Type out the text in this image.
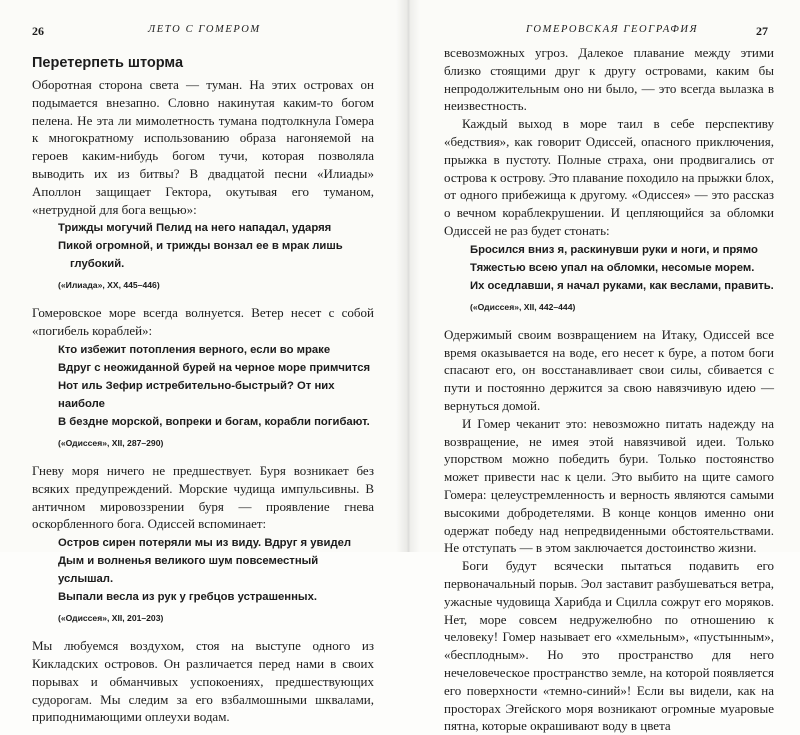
26	ЛЕТО С ГОМЕРОМ
Перетерпеть шторма

Оборотная сторона света — туман. На этих островах он подымается внезапно. Словно накинутая каким-то богом пелена. Не эта ли мимолетность тумана подтолкнула Гомера к многократному использованию образа нагоняемой на героев каким-нибудь богом тучи, которая позволяла выводить их из битвы? В двадцатой песни «Илиады» Аполлон защищает Гектора, окутывая его туманом, «нетрудной для бога вещью»:

Трижды могучий Пелид на него нападал, ударяя
Пикой огромной, и трижды вонзал ее в мрак лишь
глубокий.
(«Илиада», XX, 445–446)

Гомеровское море всегда волнуется. Ветер несет с собой «погибель кораблей»:

Кто избежит потопления верного, если во мраке
Вдруг с неожиданной бурей на черное море примчится
Нот иль Зефир истребительно-быстрый? От них наиболе
В бездне морской, вопреки и богам, корабли погибают.
(«Одиссея», XII, 287–290)

Гневу моря ничего не предшествует. Буря возникает без всяких предупреждений. Морские чудища импульсивны. В античном мировоззрении буря — проявление гнева оскорбленного бога. Одиссей вспоминает:

Остров сирен потеряли мы из виду. Вдруг я увидел
Дым и волненья великого шум повсеместный услышал.
Выпали весла из рук у гребцов устрашенных.
(«Одиссея», XII, 201–203)

Мы любуемся воздухом, стоя на выступе одного из Кикладских островов. Он различается перед нами в своих порывах и обманчивых успокоениях, предшествующих судорогам. Мы следим за его взбалмошными шквалами, приподнимающими оплеухи водам.

ГОМЕРОВСКАЯ ГЕОГРАФИЯ	27

всевозможных угроз. Далекое плавание между этими близко стоящими друг к другу островами, каким бы непродолжительным оно ни было, — это всегда вылазка в неизвестность.

Каждый выход в море таил в себе перспективу «бедствия», как говорит Одиссей, опасного приключения, прыжка в пустоту. Полные страха, они продвигались от острова к острову. Это плавание походило на прыжки блох, от одного прибежища к другому. «Одиссея» — это рассказ о вечном кораблекрушении. И цепляющийся за обломки Одиссей не раз будет стонать:

Бросился вниз я, раскинувши руки и ноги, и прямо
Тяжестью всею упал на обломки, несомые морем.
Их оседлавши, я начал руками, как веслами, править.
(«Одиссея», XII, 442–444)

Одержимый своим возвращением на Итаку, Одиссей все время оказывается на воде, его несет к буре, а потом боги спасают его, он восстанавливает свои силы, сбивается с пути и постоянно держится за свою навязчивую идею — вернуться домой.

И Гомер чеканит это: невозможно питать надежду на возвращение, не имея этой навязчивой идеи. Только упорством можно победить бури. Только постоянство может привести нас к цели. Это выбито на щите самого Гомера: целеустремленность и верность являются самыми высокими добродетелями. В конце концов именно они одержат победу над непредвиденными обстоятельствами. Не отступать — в этом заключается достоинство жизни.

Боги будут всячески пытаться подавить его первоначальный порыв. Эол заставит разбушеваться ветра, ужасные чудовища Харибда и Сцилла сожрут его моряков. Нет, море совсем недружелюбно по отношению к человеку! Гомер называет его «хмельным», «пустынным», «бесплодным». Но это пространство для него нечеловеческое пространство земле, на которой появляется его поверхности «темно-синий»! Если вы видели, как на просторах Эгейского моря возникают огромные муаровые пятна, которые окрашивают воду в цвета
